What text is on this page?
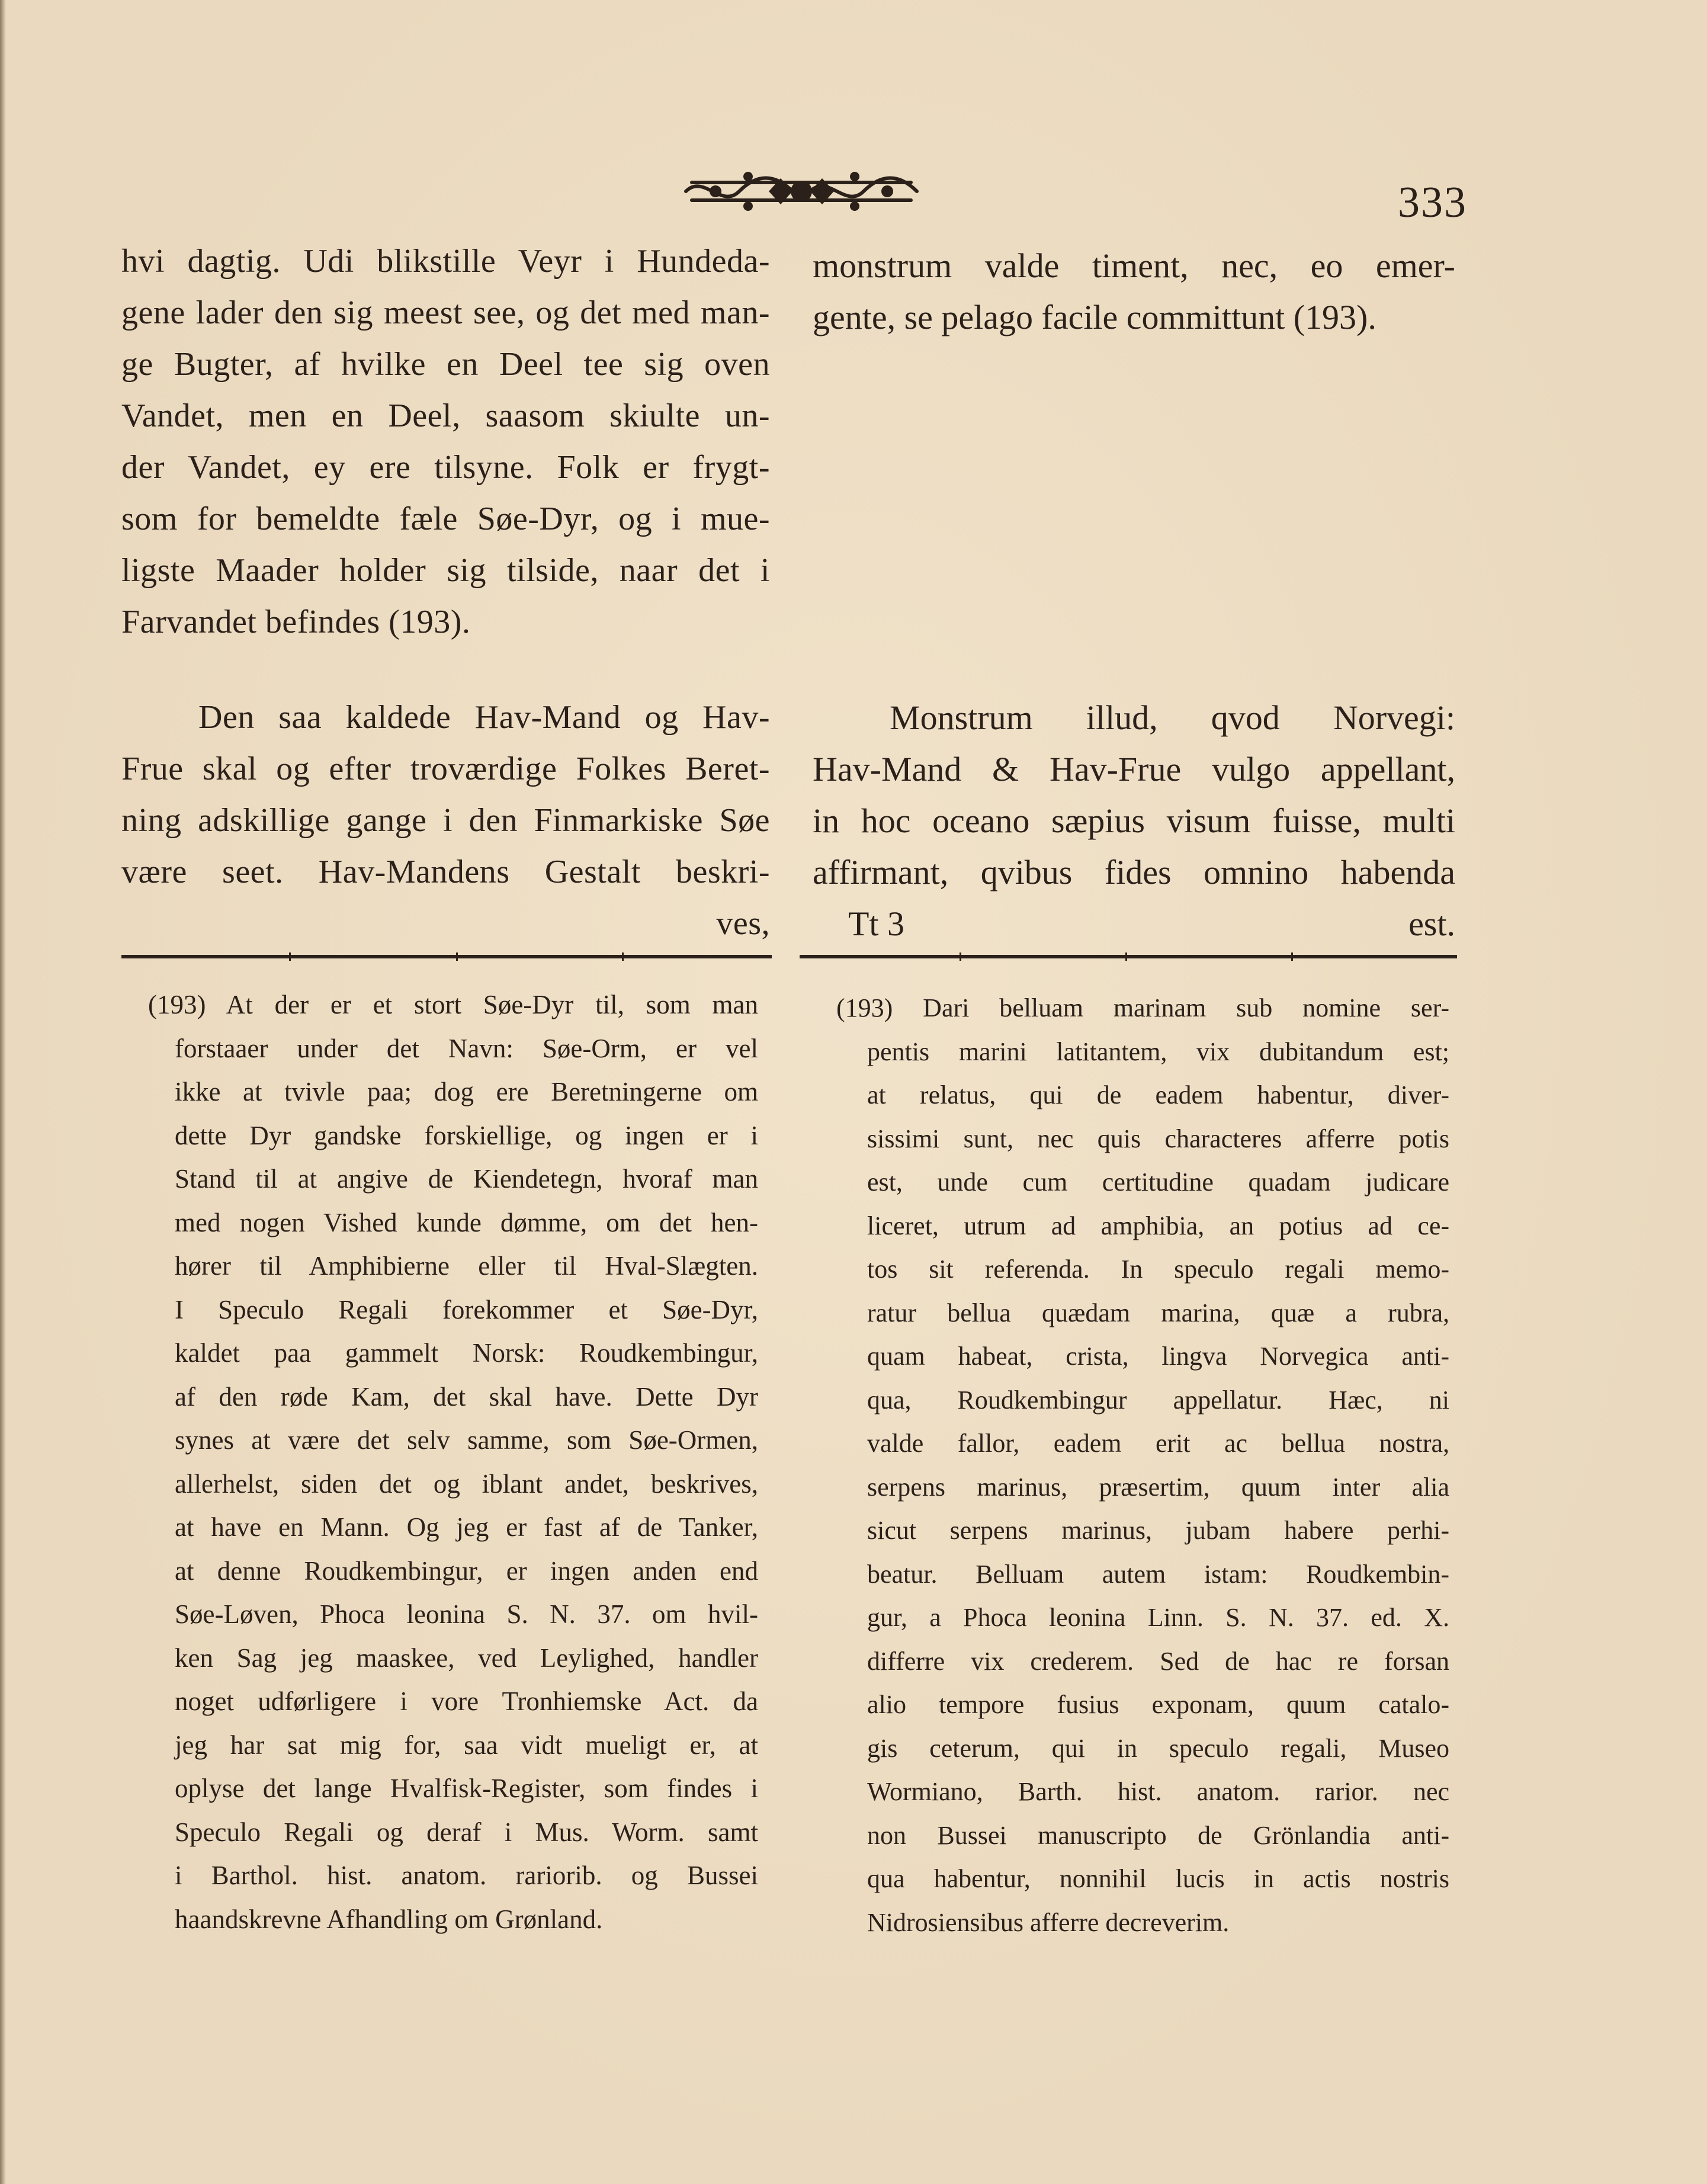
333
hvi dagtig. Udi blikstille Veyr i Hundeda-
gene lader den sig meest see, og det med man-
ge Bugter, af hvilke en Deel tee sig oven
Vandet, men en Deel, saasom skiulte un-
der Vandet, ey ere tilsyne. Folk er frygt-
som for bemeldte fæle Søe-Dyr, og i mue-
ligste Maader holder sig tilside, naar det i
Farvandet befindes (193).
Den saa kaldede Hav-Mand og Hav-
Frue skal og efter troværdige Folkes Beret-
ning adskillige gange i den Finmarkiske Søe
være seet. Hav-Mandens Gestalt beskri-
ves,
monstrum valde timent, nec, eo emer-
gente, se pelago facile committunt (193).
Monstrum illud, qvod Norvegi:
Hav-Mand & Hav-Frue vulgo appellant,
in hoc oceano sæpius visum fuisse, multi
affirmant, qvibus fides omnino habenda
Tt 3	est.
(193) At der er et stort Søe-Dyr til, som man
forstaaer under det Navn: Søe-Orm, er vel
ikke at tvivle paa; dog ere Beretningerne om
dette Dyr gandske forskiellige, og ingen er i
Stand til at angive de Kiendetegn, hvoraf man
med nogen Vished kunde dømme, om det hen-
hører til Amphibierne eller til Hval-Slægten.
I Speculo Regali forekommer et Søe-Dyr,
kaldet paa gammelt Norsk: Roudkembingur,
af den røde Kam, det skal have. Dette Dyr
synes at være det selv samme, som Søe-Ormen,
allerhelst, siden det og iblant andet, beskrives,
at have en Mann. Og jeg er fast af de Tanker,
at denne Roudkembingur, er ingen anden end
Søe-Løven, Phoca leonina S. N. 37. om hvil-
ken Sag jeg maaskee, ved Leylighed, handler
noget udførligere i vore Tronhiemske Act. da
jeg har sat mig for, saa vidt mueligt er, at
oplyse det lange Hvalfisk-Register, som findes i
Speculo Regali og deraf i Mus. Worm. samt
i Barthol. hist. anatom. rariorib. og Bussei
haandskrevne Afhandling om Grønland.
(193) Dari belluam marinam sub nomine ser-
pentis marini latitantem, vix dubitandum est;
at relatus, qui de eadem habentur, diver-
sissimi sunt, nec quis characteres afferre potis
est, unde cum certitudine quadam judicare
liceret, utrum ad amphibia, an potius ad ce-
tos sit referenda. In speculo regali memo-
ratur bellua quædam marina, quæ a rubra,
quam habeat, crista, lingva Norvegica anti-
qua, Roudkembingur appellatur. Hæc, ni
valde fallor, eadem erit ac bellua nostra,
serpens marinus, præsertim, quum inter alia
sicut serpens marinus, jubam habere perhi-
beatur. Belluam autem istam: Roudkembin-
gur, a Phoca leonina Linn. S. N. 37. ed. X.
differre vix crederem. Sed de hac re forsan
alio tempore fusius exponam, quum catalo-
gis ceterum, qui in speculo regali, Museo
Wormiano, Barth. hist. anatom. rarior. nec
non Bussei manuscripto de Grönlandia anti-
qua habentur, nonnihil lucis in actis nostris
Nidrosiensibus afferre decreverim.
